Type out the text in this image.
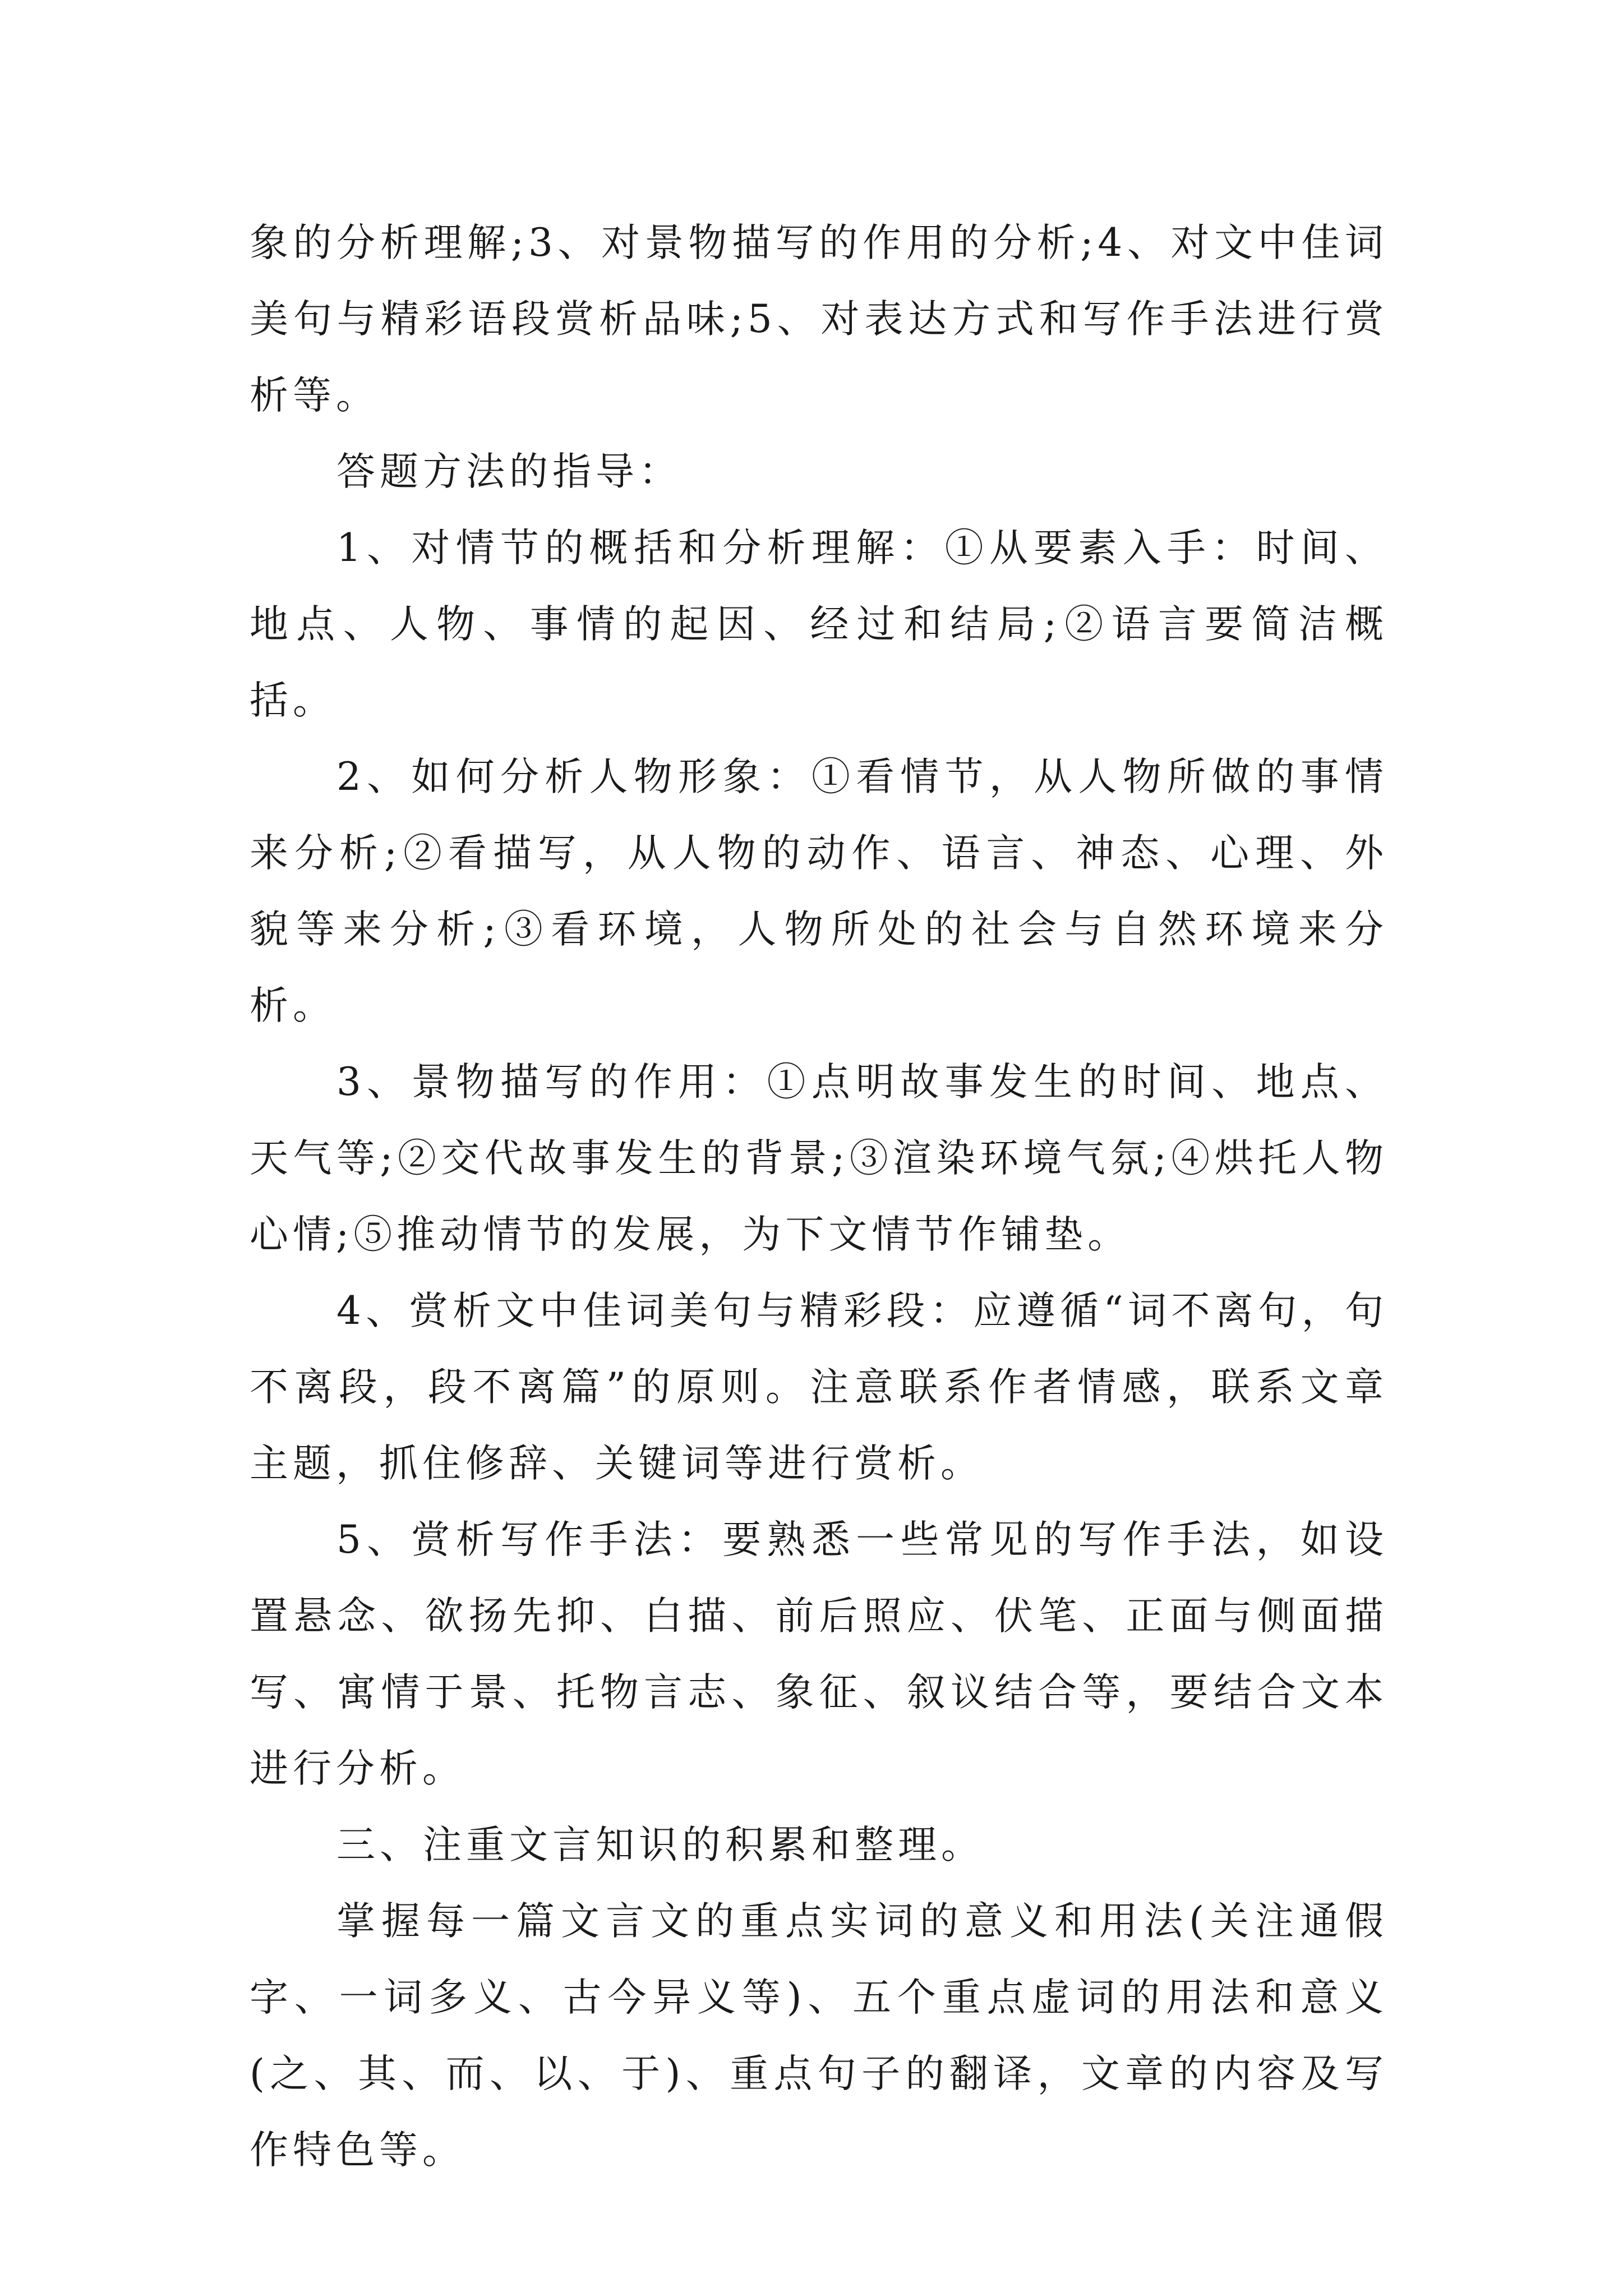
象的分析理解;3、对景物描写的作用的分析;4、对文中佳词美句与精彩语段赏析品味;5、对表达方式和写作手法进行赏析等。

答题方法的指导：

1、对情节的概括和分析理解：①从要素入手：时间、地点、人物、事情的起因、经过和结局;②语言要简洁概括。

2、如何分析人物形象：①看情节，从人物所做的事情来分析;②看描写，从人物的动作、语言、神态、心理、外貌等来分析;③看环境，人物所处的社会与自然环境来分析。

3、景物描写的作用：①点明故事发生的时间、地点、天气等;②交代故事发生的背景;③渲染环境气氛;④烘托人物心情;⑤推动情节的发展，为下文情节作铺垫。

4、赏析文中佳词美句与精彩段：应遵循“词不离句，句不离段，段不离篇”的原则。注意联系作者情感，联系文章主题，抓住修辞、关键词等进行赏析。

5、赏析写作手法：要熟悉一些常见的写作手法，如设置悬念、欲扬先抑、白描、前后照应、伏笔、正面与侧面描写、寓情于景、托物言志、象征、叙议结合等，要结合文本进行分析。

三、注重文言知识的积累和整理。

掌握每一篇文言文的重点实词的意义和用法(关注通假字、一词多义、古今异义等)、五个重点虚词的用法和意义(之、其、而、以、于)、重点句子的翻译，文章的内容及写作特色等。
